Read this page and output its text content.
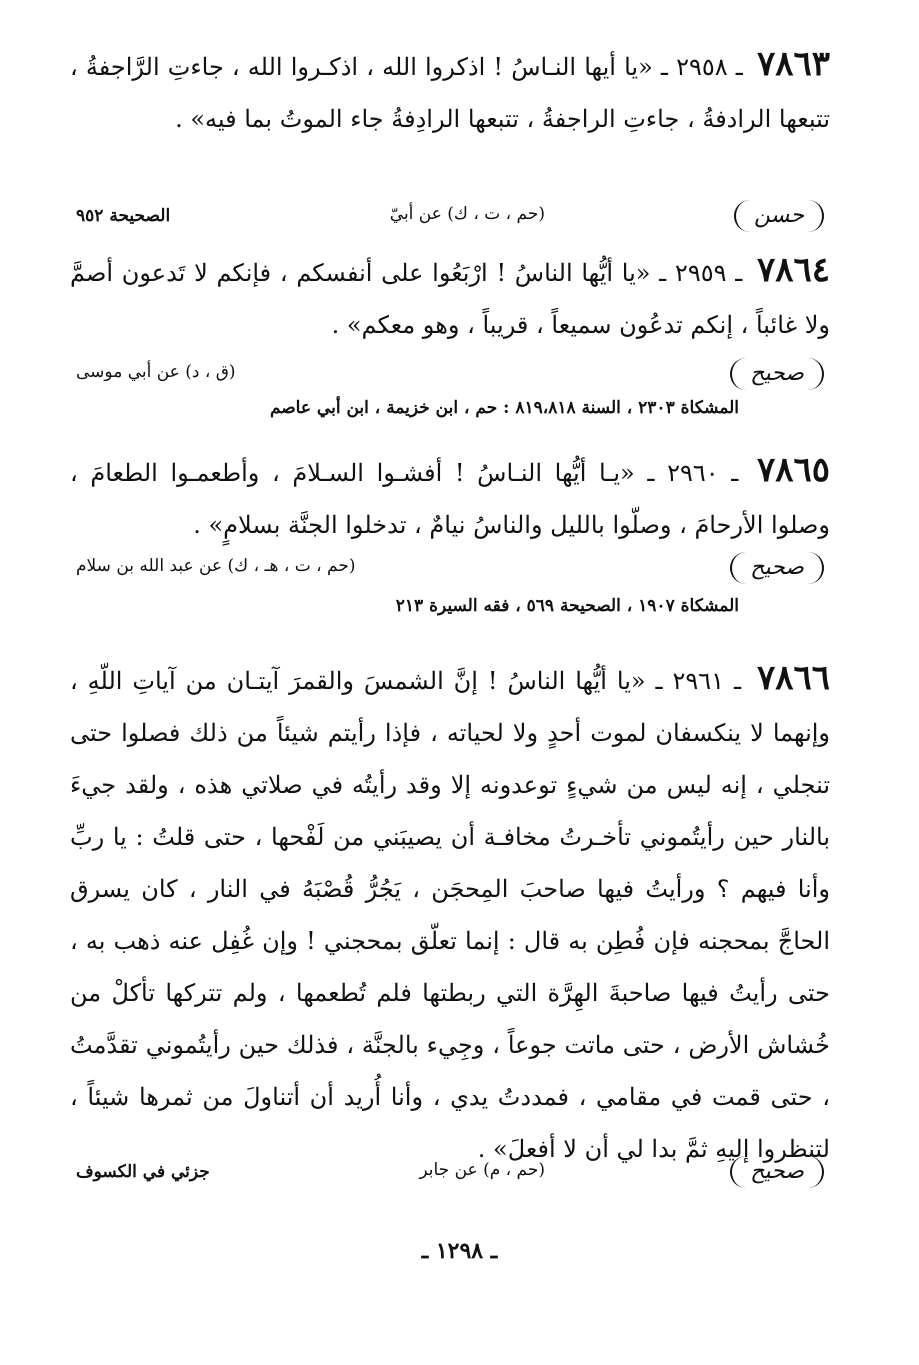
٧٨٦٣ ـ ٢٩٥٨ ـ «يا أيها النـاسُ ! اذكروا الله ، اذكـروا الله ، جاءتِ الرَّاجفةُ ، تتبعها الرادفةُ ، جاءتِ الراجفةُ ، تتبعها الرادِفةُ جاء الموتُ بما فيه» .

حسن
(حم ، ت ، ك) عن أبيّ
الصحيحة ٩٥٢

٧٨٦٤ ـ ٢٩٥٩ ـ «يا أيُّها الناسُ ! ارْبَعُوا على أنفسكم ، فإنكم لا تَدعون أصمَّ ولا غائباً ، إنكم تدعُون سميعاً ، قريباً ، وهو معكم» .

صحيح
(ق ، د) عن أبي موسى
المشكاة ٢٣٠٣ ، السنة ٨١٩،٨١٨ : حم ، ابن خزيمة ، ابن أبي عاصم

٧٨٦٥ ـ ٢٩٦٠ ـ «يـا أيُّها النـاسُ ! أفشـوا السـلامَ ، وأطعمـوا الطعامَ ، وصلوا الأرحامَ ، وصلّوا بالليل والناسُ نيامٌ ، تدخلوا الجنَّة بسلامٍ» .

صحيح
(حم ، ت ، هـ ، ك) عن عبد الله بن سلام
المشكاة ١٩٠٧ ، الصحيحة ٥٦٩ ، فقه السيرة ٢١٣

٧٨٦٦ ـ ٢٩٦١ ـ «يا أيُّها الناسُ ! إنَّ الشمسَ والقمرَ آيتـان من آياتِ اللّهِ ، وإنهما لا ينكسفان لموت أحدٍ ولا لحياته ، فإذا رأيتم شيئاً من ذلك فصلوا حتى تنجلي ، إنه ليس من شيءٍ توعدونه إلا وقد رأيتُه في صلاتي هذه ، ولقد جيءَ بالنار حين رأيتُموني تأخـرتُ مخافـة أن يصيبَني من لَفْحها ، حتى قلتُ : يا ربِّ وأنا فيهم ؟ ورأيتُ فيها صاحبَ المِحجَن ، يَجُرُّ قُصْبَهُ في النار ، كان يسرق الحاجَّ بمحجنه فإن فُطِن به قال : إنما تعلّق بمحجني ! وإن غُفِل عنه ذهب به ، حتى رأيتُ فيها صاحبةَ الهِرَّة التي ربطتها فلم تُطعمها ، ولم تتركها تأكلْ من خُشاش الأرض ، حتى ماتت جوعاً ، وجِيء بالجنَّة ، فذلك حين رأيتُموني تقدَّمتُ ، حتى قمت في مقامي ، فمددتُ يدي ، وأنا أُريد أن أتناولَ من ثمرها شيئاً ، لتنظروا إليهِ ثمَّ بدا لي أن لا أفعلَ» .

صحيح
(حم ، م) عن جابر
جزئي في الكسوف
ـ ١٢٩٨ ـ
